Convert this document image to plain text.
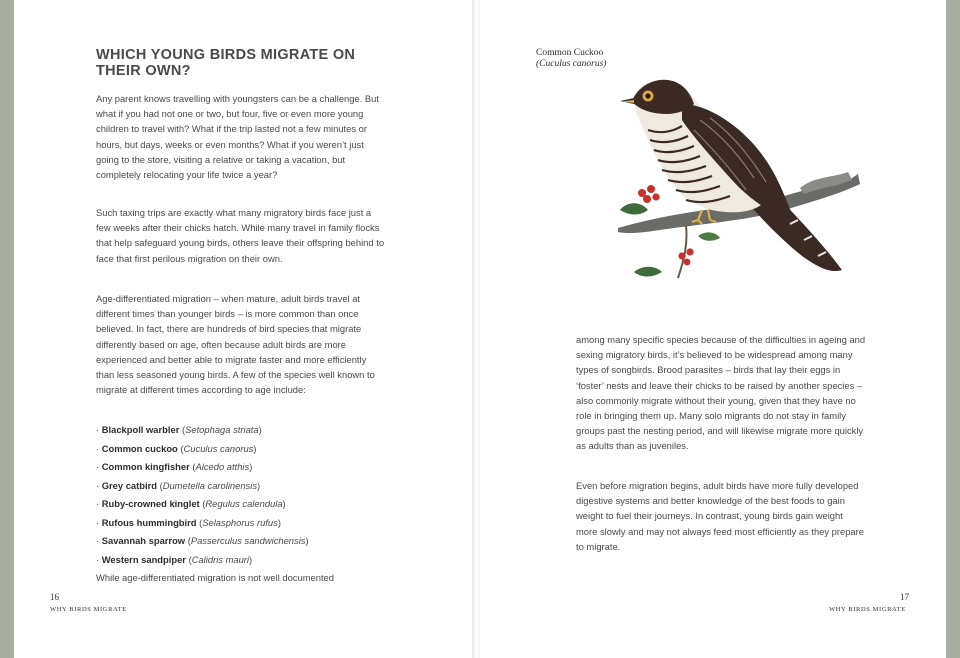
WHICH YOUNG BIRDS MIGRATE ON THEIR OWN?

Any parent knows travelling with youngsters can be a challenge. But what if you had not one or two, but four, five or even more young children to travel with? What if the trip lasted not a few minutes or hours, but days, weeks or even months? What if you weren’t just going to the store, visiting a relative or taking a vacation, but completely relocating your life twice a year?

Such taxing trips are exactly what many migratory birds face just a few weeks after their chicks hatch. While many travel in family flocks that help safeguard young birds, others leave their offspring behind to face that first perilous migration on their own.

Age-differentiated migration – when mature, adult birds travel at different times than younger birds – is more common than once believed. In fact, there are hundreds of bird species that migrate differently based on age, often because adult birds are more experienced and better able to migrate faster and more efficiently than less seasoned young birds. A few of the species well known to migrate at different times according to age include:

· Blackpoll warbler (Setophaga striata)
· Common cuckoo (Cuculus canorus)
· Common kingfisher (Alcedo atthis)
· Grey catbird (Dumetella carolinensis)
· Ruby-crowned kinglet (Regulus calendula)
· Rufous hummingbird (Selasphorus rufus)
· Savannah sparrow (Passerculus sandwichensis)
· Western sandpiper (Calidris mauri)

While age-differentiated migration is not well documented

16
WHY BIRDS MIGRATE
Common Cuckoo
(Cuculus canorus)

among many specific species because of the difficulties in ageing and sexing migratory birds, it’s believed to be widespread among many types of songbirds. Brood parasites – birds that lay their eggs in ‘foster’ nests and leave their chicks to be raised by another species – also commonly migrate without their young, given that they have no role in bringing them up. Many solo migrants do not stay in family groups past the nesting period, and will likewise migrate more quickly as adults than as juveniles.

Even before migration begins, adult birds have more fully developed digestive systems and better knowledge of the best foods to gain weight to fuel their journeys. In contrast, young birds gain weight more slowly and may not always feed most efficiently as they prepare to migrate.

17
WHY BIRDS MIGRATE
